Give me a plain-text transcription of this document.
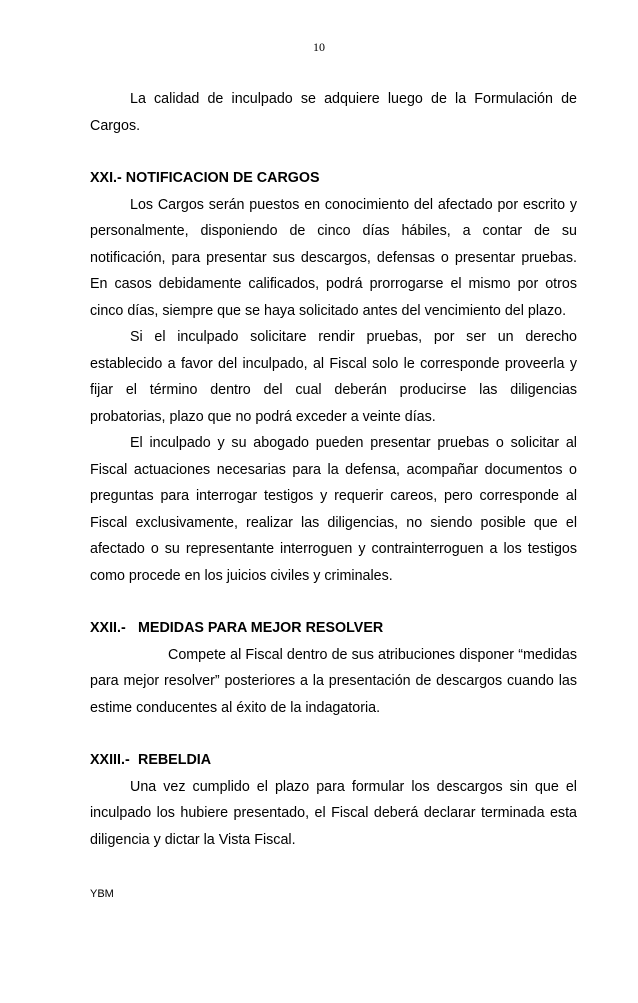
10

La calidad de inculpado se adquiere luego de la Formulación de Cargos.

XXI.- NOTIFICACION DE CARGOS

Los Cargos serán puestos en conocimiento del afectado por escrito y personalmente, disponiendo de cinco días hábiles, a contar de su notificación, para presentar sus descargos, defensas o presentar pruebas. En casos debidamente calificados, podrá prorrogarse el mismo por otros cinco días, siempre que se haya solicitado antes del vencimiento del plazo.

Si el inculpado solicitare rendir pruebas, por ser un derecho establecido a favor del inculpado, al Fiscal solo le corresponde proveerla y fijar el término dentro del cual deberán producirse las diligencias probatorias, plazo que no podrá exceder a veinte días.

El inculpado y su abogado pueden presentar pruebas o solicitar al Fiscal actuaciones necesarias para la defensa, acompañar documentos o preguntas para interrogar testigos y requerir careos, pero corresponde al Fiscal exclusivamente, realizar las diligencias, no siendo posible que el afectado o su representante interroguen y contrainterroguen a los testigos como procede en los juicios civiles y criminales.

XXII.- MEDIDAS PARA MEJOR RESOLVER

Compete al Fiscal dentro de sus atribuciones disponer “medidas para mejor resolver” posteriores a la presentación de descargos cuando las estime conducentes al éxito de la indagatoria.

XXIII.- REBELDIA

Una vez cumplido el plazo para formular los descargos sin que el inculpado los hubiere presentado, el Fiscal deberá declarar terminada esta diligencia y dictar la Vista Fiscal.

YBM
